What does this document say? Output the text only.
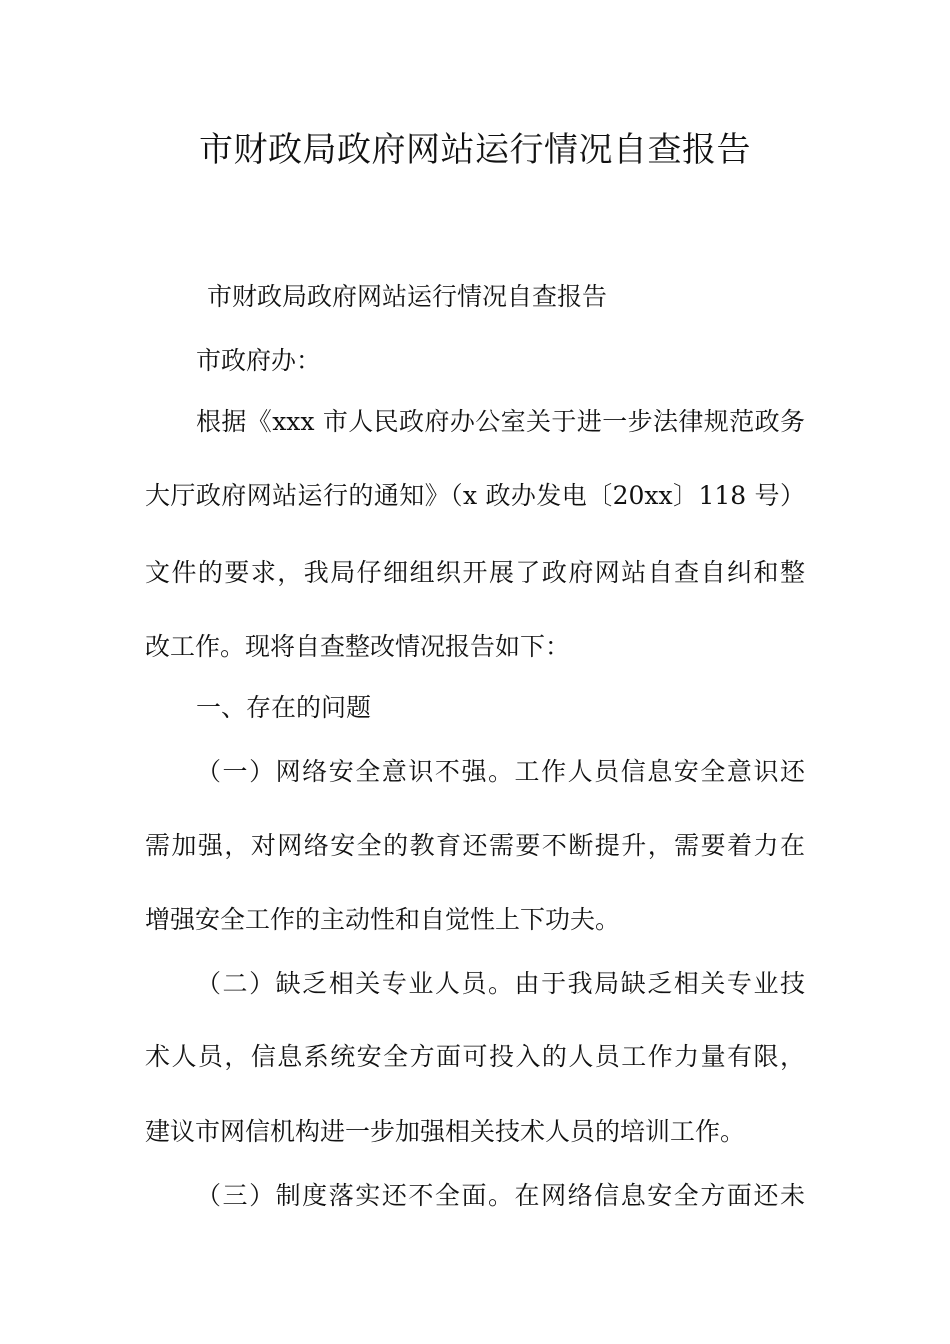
市财政局政府网站运行情况自查报告

市财政局政府网站运行情况自查报告

市政府办：

根据《xxx 市人民政府办公室关于进一步法律规范政务

大厅政府网站运行的通知》（x 政办发电〔20xx〕118 号）

文件的要求，我局仔细组织开展了政府网站自查自纠和整

改工作。现将自查整改情况报告如下：

一、存在的问题

（一）网络安全意识不强。工作人员信息安全意识还

需加强，对网络安全的教育还需要不断提升，需要着力在

增强安全工作的主动性和自觉性上下功夫。

（二）缺乏相关专业人员。由于我局缺乏相关专业技

术人员，信息系统安全方面可投入的人员工作力量有限，

建议市网信机构进一步加强相关技术人员的培训工作。

（三）制度落实还不全面。在网络信息安全方面还未
